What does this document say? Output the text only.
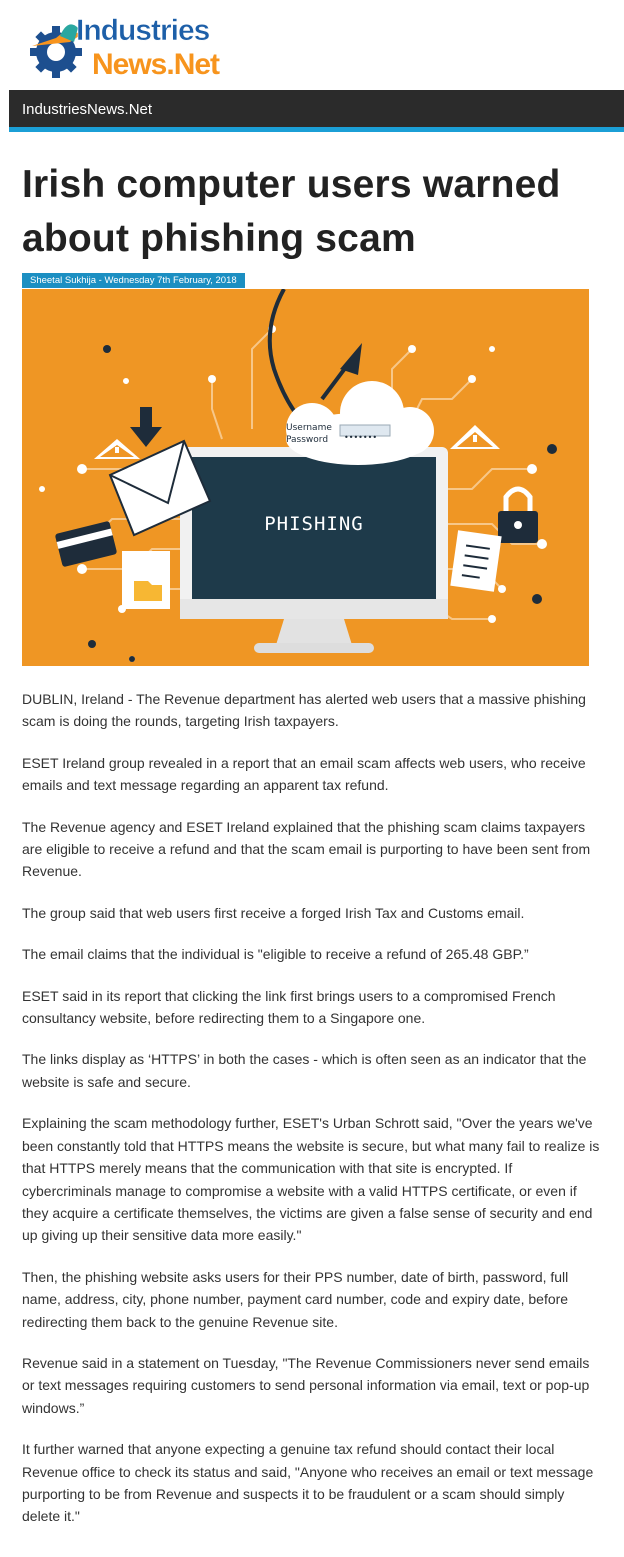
Industries
News.Net
IndustriesNews.Net
Irish computer users warned about phishing scam
Sheetal Sukhija - Wednesday 7th February, 2018
PHISHING
Username
Password •••••••

DUBLIN, Ireland - The Revenue department has alerted web users that a massive phishing scam is doing the rounds, targeting Irish taxpayers.

ESET Ireland group revealed in a report that an email scam affects web users, who receive emails and text message regarding an apparent tax refund.

The Revenue agency and ESET Ireland explained that the phishing scam claims taxpayers are eligible to receive a refund and that the scam email is purporting to have been sent from Revenue.

The group said that web users first receive a forged Irish Tax and Customs email.

The email claims that the individual is "eligible to receive a refund of 265.48 GBP.”

ESET said in its report that clicking the link first brings users to a compromised French consultancy website, before redirecting them to a Singapore one.

The links display as ‘HTTPS’ in both the cases - which is often seen as an indicator that the website is safe and secure.

Explaining the scam methodology further, ESET's Urban Schrott said, "Over the years we've been constantly told that HTTPS means the website is secure, but what many fail to realize is that HTTPS merely means that the communication with that site is encrypted. If cybercriminals manage to compromise a website with a valid HTTPS certificate, or even if they acquire a certificate themselves, the victims are given a false sense of security and end up giving up their sensitive data more easily."

Then, the phishing website asks users for their PPS number, date of birth, password, full name, address, city, phone number, payment card number, code and expiry date, before redirecting them back to the genuine Revenue site.

Revenue said in a statement on Tuesday, "The Revenue Commissioners never send emails or text messages requiring customers to send personal information via email, text or pop-up windows.”

It further warned that anyone expecting a genuine tax refund should contact their local Revenue office to check its status and said, "Anyone who receives an email or text message purporting to be from Revenue and suspects it to be fraudulent or a scam should simply delete it."
